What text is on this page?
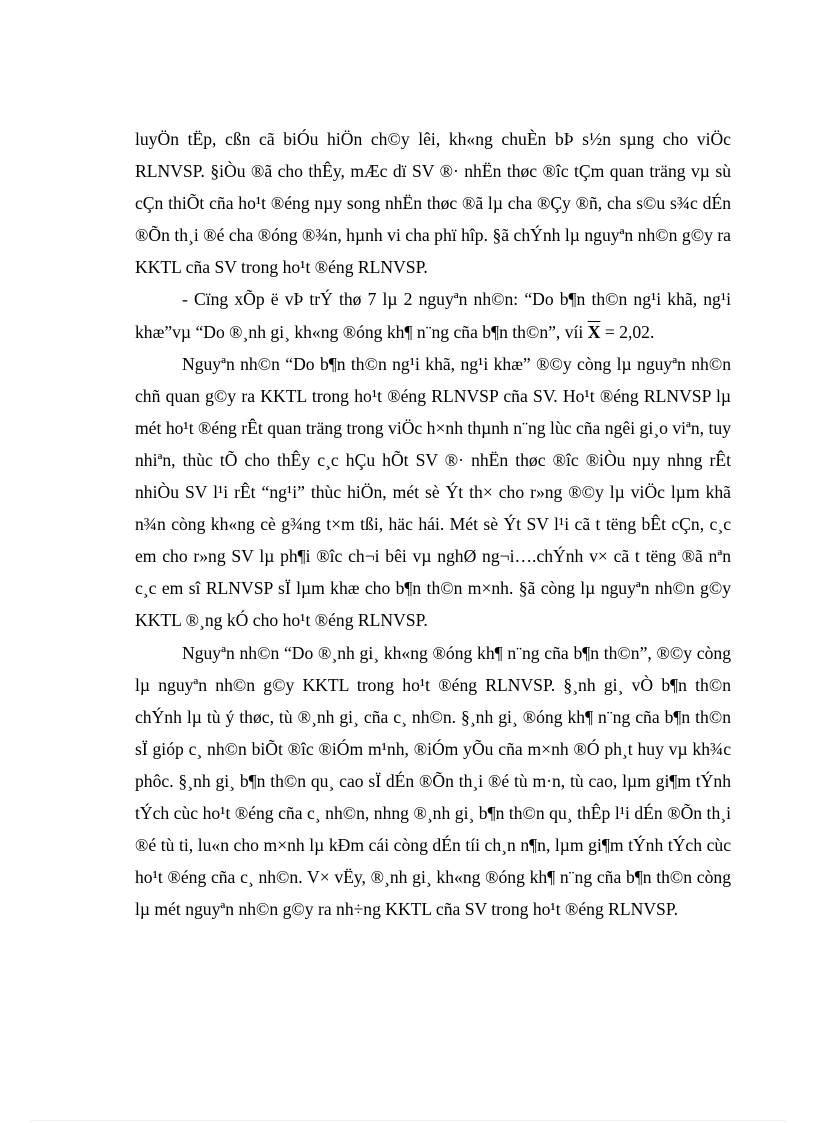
luyÖn tËp, cßn cã biÓu hiÖn ch©y lêi, kh«ng chuÈn bÞ s½n sµng cho viÖc RLNVSP. §iÒu ®ã cho thÊy, mÆc dï SV ®· nhËn thøc ®îc tÇm quan träng vµ sù cÇn thiÕt cña ho¹t ®éng nµy song nhËn thøc ®ã lµ cha ®Çy ®ñ, cha s©u s¾c dÉn ®Õn th¸i ®é cha ®óng ®¾n, hµnh vi cha phï hîp. §ã chÝnh lµ nguyªn nh©n g©y ra KKTL cña SV trong ho¹t ®éng RLNVSP.

- Cïng xÕp ë vÞ trÝ thø 7 lµ 2 nguyªn nh©n: “Do b¶n th©n ng¹i khã, ng¹i khæ”vµ “Do ®¸nh gi¸ kh«ng ®óng kh¶ n¨ng cña b¶n th©n”, víi $\overline{X} = 2,02$.

Nguyªn nh©n “Do b¶n th©n ng¹i khã, ng¹i khæ” ®©y còng lµ nguyªn nh©n chñ quan g©y ra KKTL trong ho¹t ®éng RLNVSP cña SV. Ho¹t ®éng RLNVSP lµ mét ho¹t ®éng rÊt quan träng trong viÖc h×nh thµnh n¨ng lùc cña ngêi gi¸o viªn, tuy nhiªn, thùc tÕ cho thÊy c¸c hÇu hÕt SV ®· nhËn thøc ®îc ®iÒu nµy nhng rÊt nhiÒu SV l¹i rÊt “ng¹i” thùc hiÖn, mét sè Ýt th× cho r»ng ®©y lµ viÖc lµm khã n¾n còng kh«ng cè g¾ng t×m tßi, häc hái. Mét sè Ýt SV l¹i cã t tëng bÊt cÇn, c¸c em cho r»ng SV lµ ph¶i ®îc ch¬i bêi vµ nghØ ng¬i….chÝnh v× cã t tëng ®ã nªn c¸c em sî RLNVSP sÏ lµm khæ cho b¶n th©n m×nh. §ã còng lµ nguyªn nh©n g©y KKTL ®¸ng kÓ cho ho¹t ®éng RLNVSP.

Nguyªn nh©n “Do ®¸nh gi¸ kh«ng ®óng kh¶ n¨ng cña b¶n th©n”, ®©y còng lµ nguyªn nh©n g©y KKTL trong ho¹t ®éng RLNVSP. §¸nh gi¸ vÒ b¶n th©n chÝnh lµ tù ý thøc, tù ®¸nh gi¸ cña c¸ nh©n. §¸nh gi¸ ®óng kh¶ n¨ng cña b¶n th©n sÏ gióp c¸ nh©n biÕt ®îc ®iÓm m¹nh, ®iÓm yÕu cña m×nh ®Ó ph¸t huy vµ kh¾c phôc. §¸nh gi¸ b¶n th©n qu¸ cao sÏ dÉn ®Õn th¸i ®é tù m·n, tù cao, lµm gi¶m tÝnh tÝch cùc ho¹t ®éng cña c¸ nh©n, nhng ®¸nh gi¸ b¶n th©n qu¸ thÊp l¹i dÉn ®Õn th¸i ®é tù ti, lu«n cho m×nh lµ kÐm cái còng dÉn tíi ch¸n n¶n, lµm gi¶m tÝnh tÝch cùc ho¹t ®éng cña c¸ nh©n. V× vËy, ®¸nh gi¸ kh«ng ®óng kh¶ n¨ng cña b¶n th©n còng lµ mét nguyªn nh©n g©y ra nh÷ng KKTL cña SV trong ho¹t ®éng RLNVSP.
